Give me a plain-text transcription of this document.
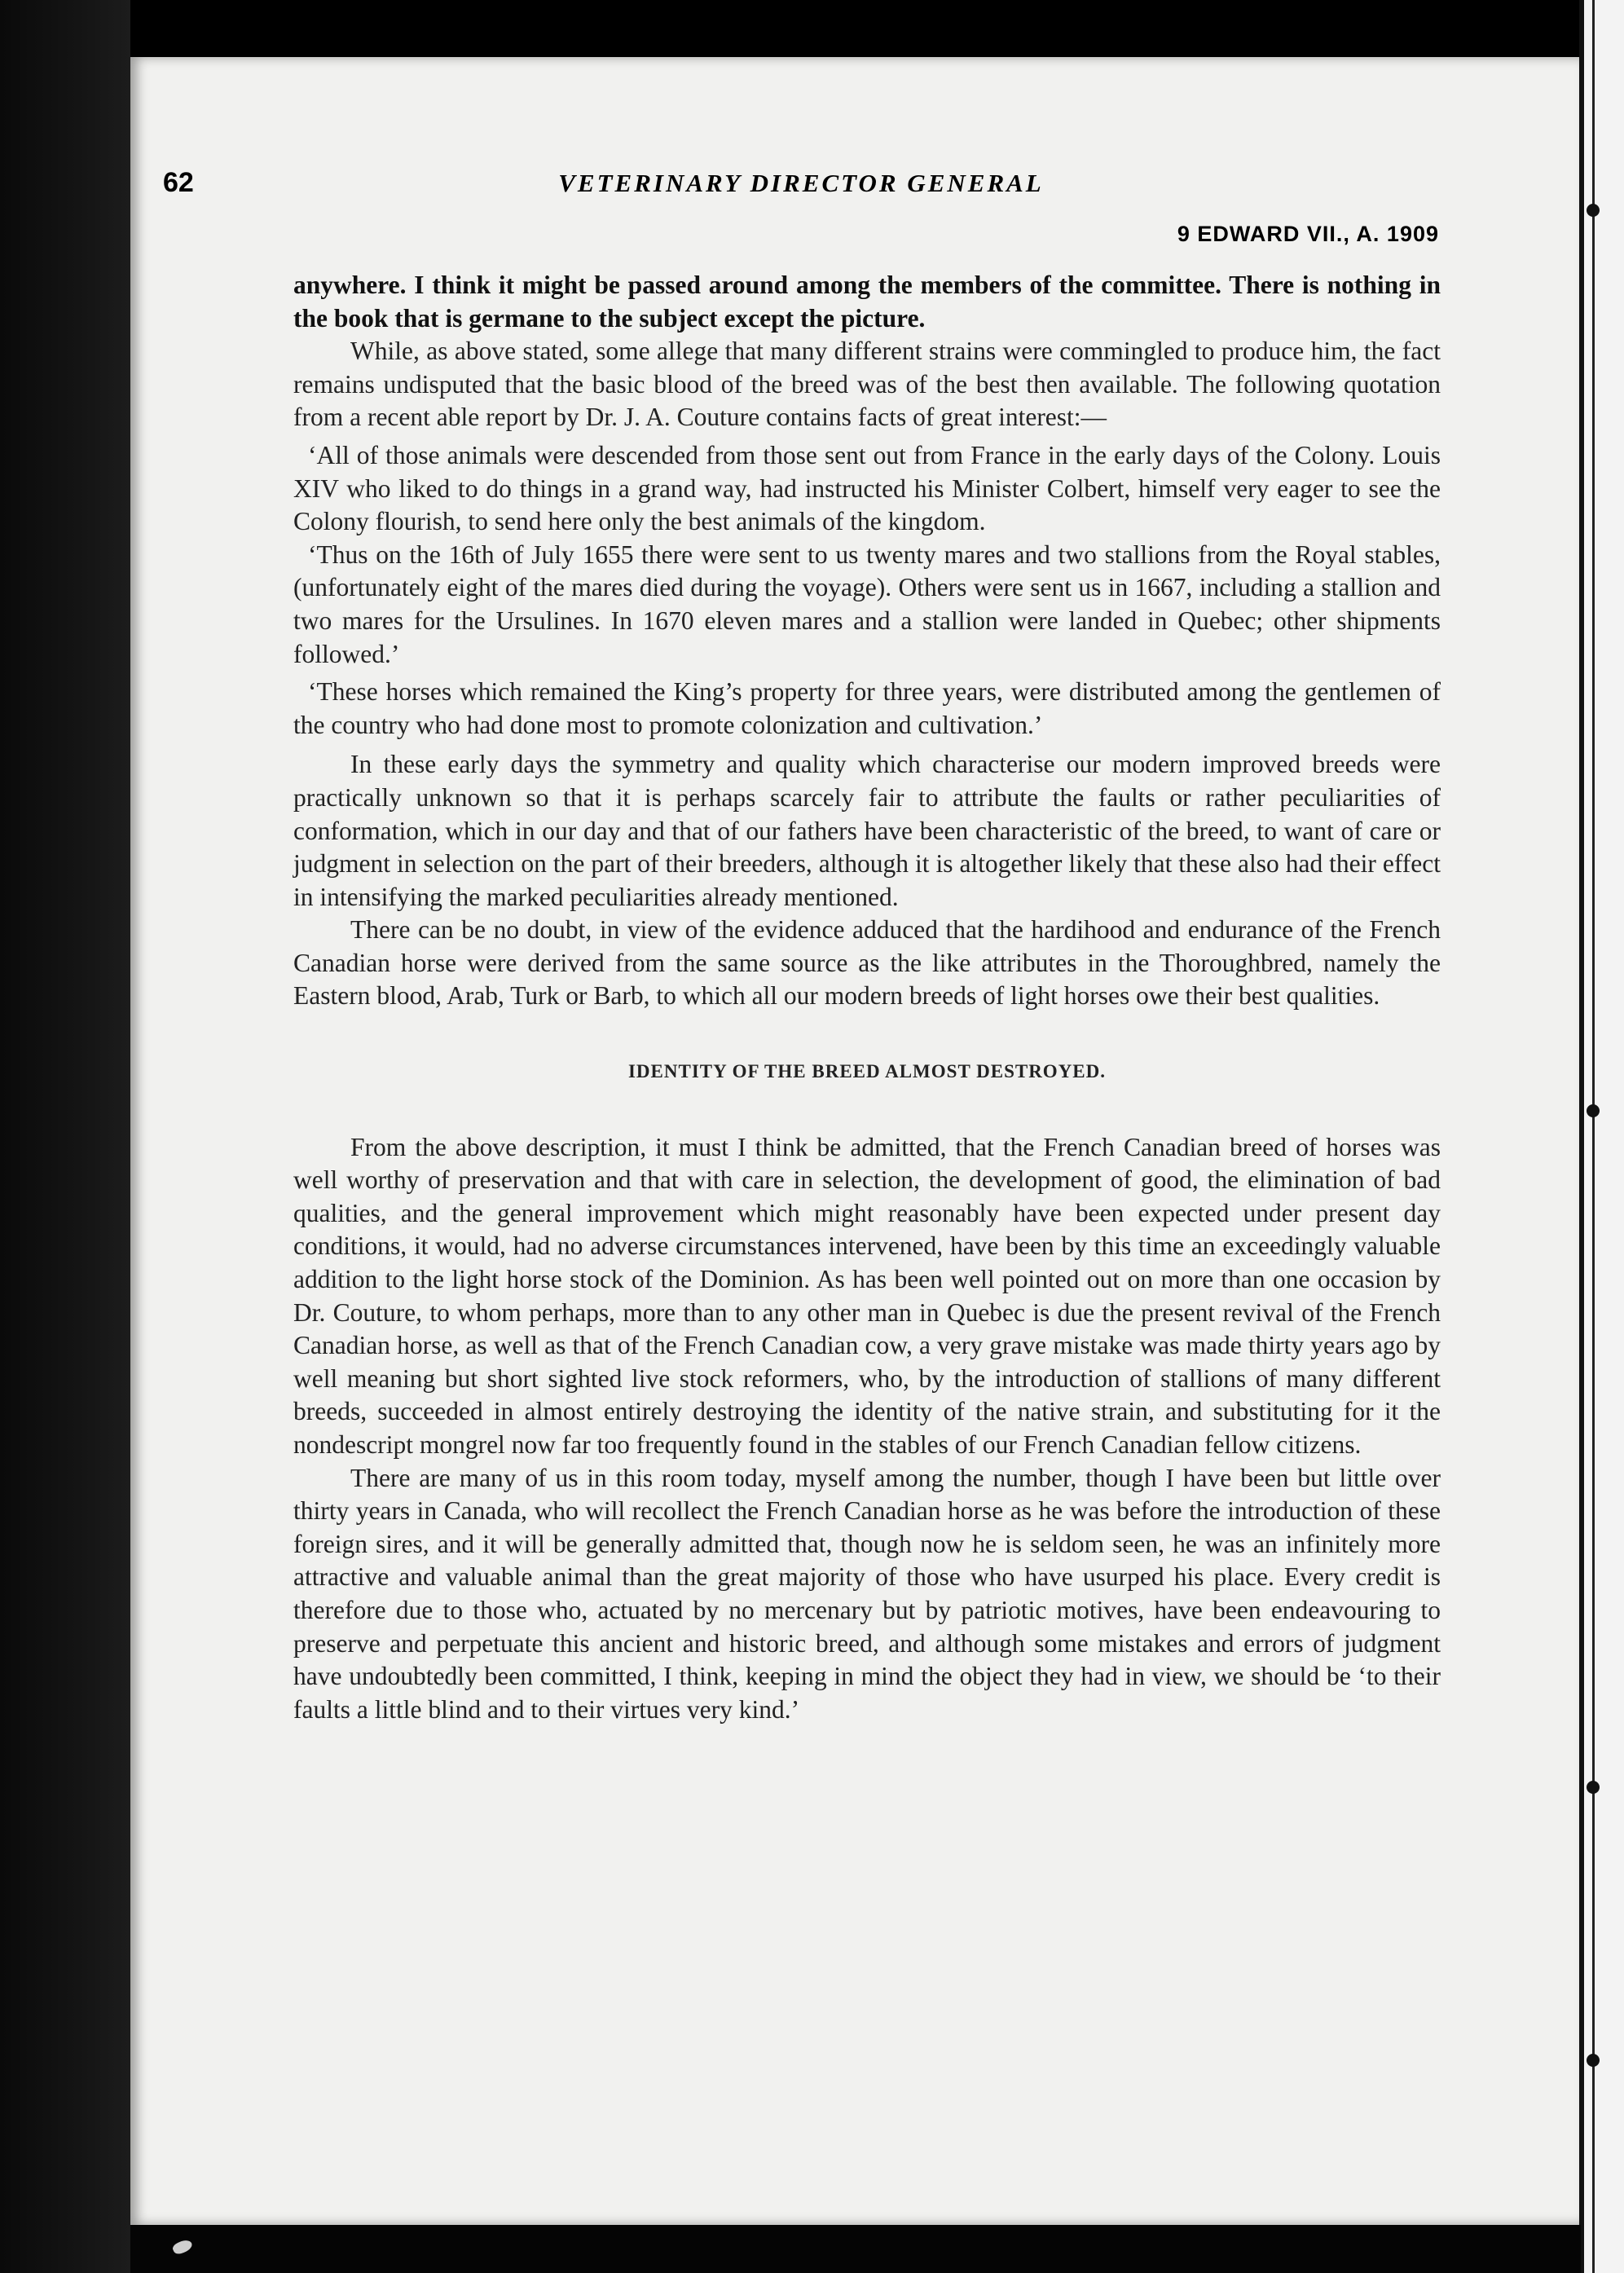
62	VETERINARY DIRECTOR GENERAL
9 EDWARD VII., A. 1909

anywhere. I think it might be passed around among the members of the committee. There is nothing in the book that is germane to the subject except the picture.

While, as above stated, some allege that many different strains were commingled to produce him, the fact remains undisputed that the basic blood of the breed was of the best then available. The following quotation from a recent able report by Dr. J. A. Couture contains facts of great interest:—

‘All of those animals were descended from those sent out from France in the early days of the Colony. Louis XIV who liked to do things in a grand way, had instructed his Minister Colbert, himself very eager to see the Colony flourish, to send here only the best animals of the kingdom.

‘Thus on the 16th of July 1655 there were sent to us twenty mares and two stallions from the Royal stables, (unfortunately eight of the mares died during the voyage). Others were sent us in 1667, including a stallion and two mares for the Ursulines. In 1670 eleven mares and a stallion were landed in Quebec; other shipments followed.’

‘These horses which remained the King’s property for three years, were distributed among the gentlemen of the country who had done most to promote colonization and cultivation.’

In these early days the symmetry and quality which characterise our modern improved breeds were practically unknown so that it is perhaps scarcely fair to attribute the faults or rather peculiarities of conformation, which in our day and that of our fathers have been characteristic of the breed, to want of care or judgment in selection on the part of their breeders, although it is altogether likely that these also had their effect in intensifying the marked peculiarities already mentioned.

There can be no doubt, in view of the evidence adduced that the hardihood and endurance of the French Canadian horse were derived from the same source as the like attributes in the Thoroughbred, namely the Eastern blood, Arab, Turk or Barb, to which all our modern breeds of light horses owe their best qualities.

IDENTITY OF THE BREED ALMOST DESTROYED.

From the above description, it must I think be admitted, that the French Canadian breed of horses was well worthy of preservation and that with care in selection, the development of good, the elimination of bad qualities, and the general improvement which might reasonably have been expected under present day conditions, it would, had no adverse circumstances intervened, have been by this time an exceedingly valuable addition to the light horse stock of the Dominion. As has been well pointed out on more than one occasion by Dr. Couture, to whom perhaps, more than to any other man in Quebec is due the present revival of the French Canadian horse, as well as that of the French Canadian cow, a very grave mistake was made thirty years ago by well meaning but short sighted live stock reformers, who, by the introduction of stallions of many different breeds, succeeded in almost entirely destroying the identity of the native strain, and substituting for it the nondescript mongrel now far too frequently found in the stables of our French Canadian fellow citizens.

There are many of us in this room today, myself among the number, though I have been but little over thirty years in Canada, who will recollect the French Canadian horse as he was before the introduction of these foreign sires, and it will be generally admitted that, though now he is seldom seen, he was an infinitely more attractive and valuable animal than the great majority of those who have usurped his place. Every credit is therefore due to those who, actuated by no mercenary but by patriotic motives, have been endeavouring to preserve and perpetuate this ancient and historic breed, and although some mistakes and errors of judgment have undoubtedly been committed, I think, keeping in mind the object they had in view, we should be ‘to their faults a little blind and to their virtues very kind.’
